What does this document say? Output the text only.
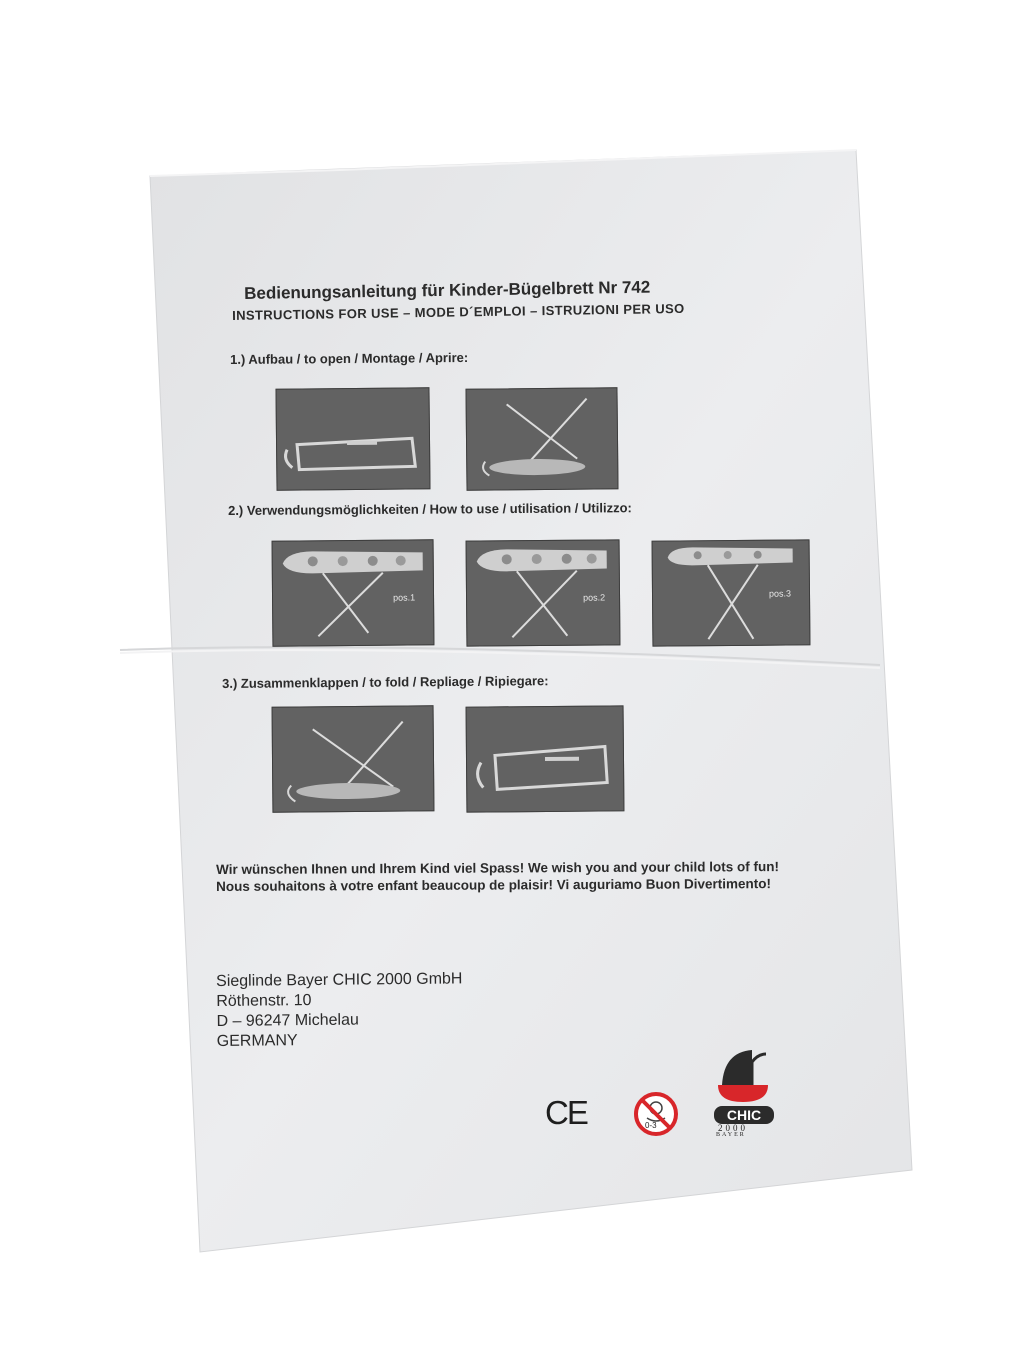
Bedienungsanleitung für Kinder-Bügelbrett Nr 742
INSTRUCTIONS FOR USE – MODE D´EMPLOI – ISTRUZIONI PER USO
1.) Aufbau / to open / Montage / Aprire:
2.) Verwendungsmöglichkeiten / How to use / utilisation / Utilizzo:
pos.1	pos.2	pos.3
3.) Zusammenklappen / to fold / Repliage / Ripiegare:
Wir wünschen Ihnen und Ihrem Kind viel Spass! We wish you and your child lots of fun! Nous souhaitons à votre enfant beaucoup de plaisir! Vi auguriamo Buon Divertimento!
Sieglinde Bayer CHIC 2000 GmbH
Röthenstr. 10
D – 96247 Michelau
GERMANY
CE	0-3
CHIC
2000
BAYER
